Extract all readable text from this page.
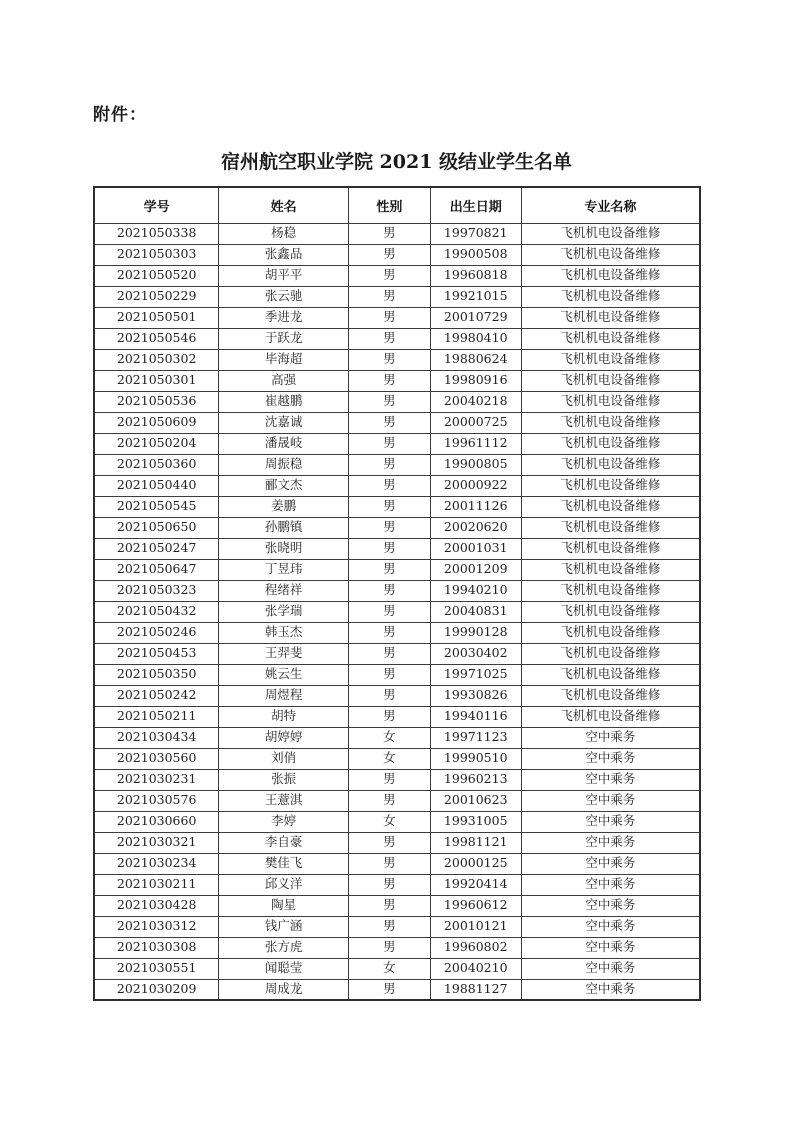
附件：
宿州航空职业学院 2021 级结业学生名单
学号	姓名	性别	出生日期	专业名称
2021050338	杨稳	男	19970821	飞机机电设备维修
2021050303	张鑫品	男	19900508	飞机机电设备维修
2021050520	胡平平	男	19960818	飞机机电设备维修
2021050229	张云驰	男	19921015	飞机机电设备维修
2021050501	季进龙	男	20010729	飞机机电设备维修
2021050546	于跃龙	男	19980410	飞机机电设备维修
2021050302	毕海超	男	19880624	飞机机电设备维修
2021050301	高强	男	19980916	飞机机电设备维修
2021050536	崔越鹏	男	20040218	飞机机电设备维修
2021050609	沈嘉诚	男	20000725	飞机机电设备维修
2021050204	潘晟岐	男	19961112	飞机机电设备维修
2021050360	周振稳	男	19900805	飞机机电设备维修
2021050440	郦文杰	男	20000922	飞机机电设备维修
2021050545	姜鹏	男	20011126	飞机机电设备维修
2021050650	孙鹏镇	男	20020620	飞机机电设备维修
2021050247	张晓明	男	20001031	飞机机电设备维修
2021050647	丁昱玮	男	20001209	飞机机电设备维修
2021050323	程绪祥	男	19940210	飞机机电设备维修
2021050432	张学瑞	男	20040831	飞机机电设备维修
2021050246	韩玉杰	男	19990128	飞机机电设备维修
2021050453	王羿斐	男	20030402	飞机机电设备维修
2021050350	姚云生	男	19971025	飞机机电设备维修
2021050242	周煜程	男	19930826	飞机机电设备维修
2021050211	胡特	男	19940116	飞机机电设备维修
2021030434	胡婷婷	女	19971123	空中乘务
2021030560	刘俏	女	19990510	空中乘务
2021030231	张振	男	19960213	空中乘务
2021030576	王薏淇	男	20010623	空中乘务
2021030660	李婷	女	19931005	空中乘务
2021030321	李自豪	男	19981121	空中乘务
2021030234	樊佳飞	男	20000125	空中乘务
2021030211	邱义洋	男	19920414	空中乘务
2021030428	陶星	男	19960612	空中乘务
2021030312	钱广涵	男	20010121	空中乘务
2021030308	张方虎	男	19960802	空中乘务
2021030551	闻聪莹	女	20040210	空中乘务
2021030209	周成龙	男	19881127	空中乘务
